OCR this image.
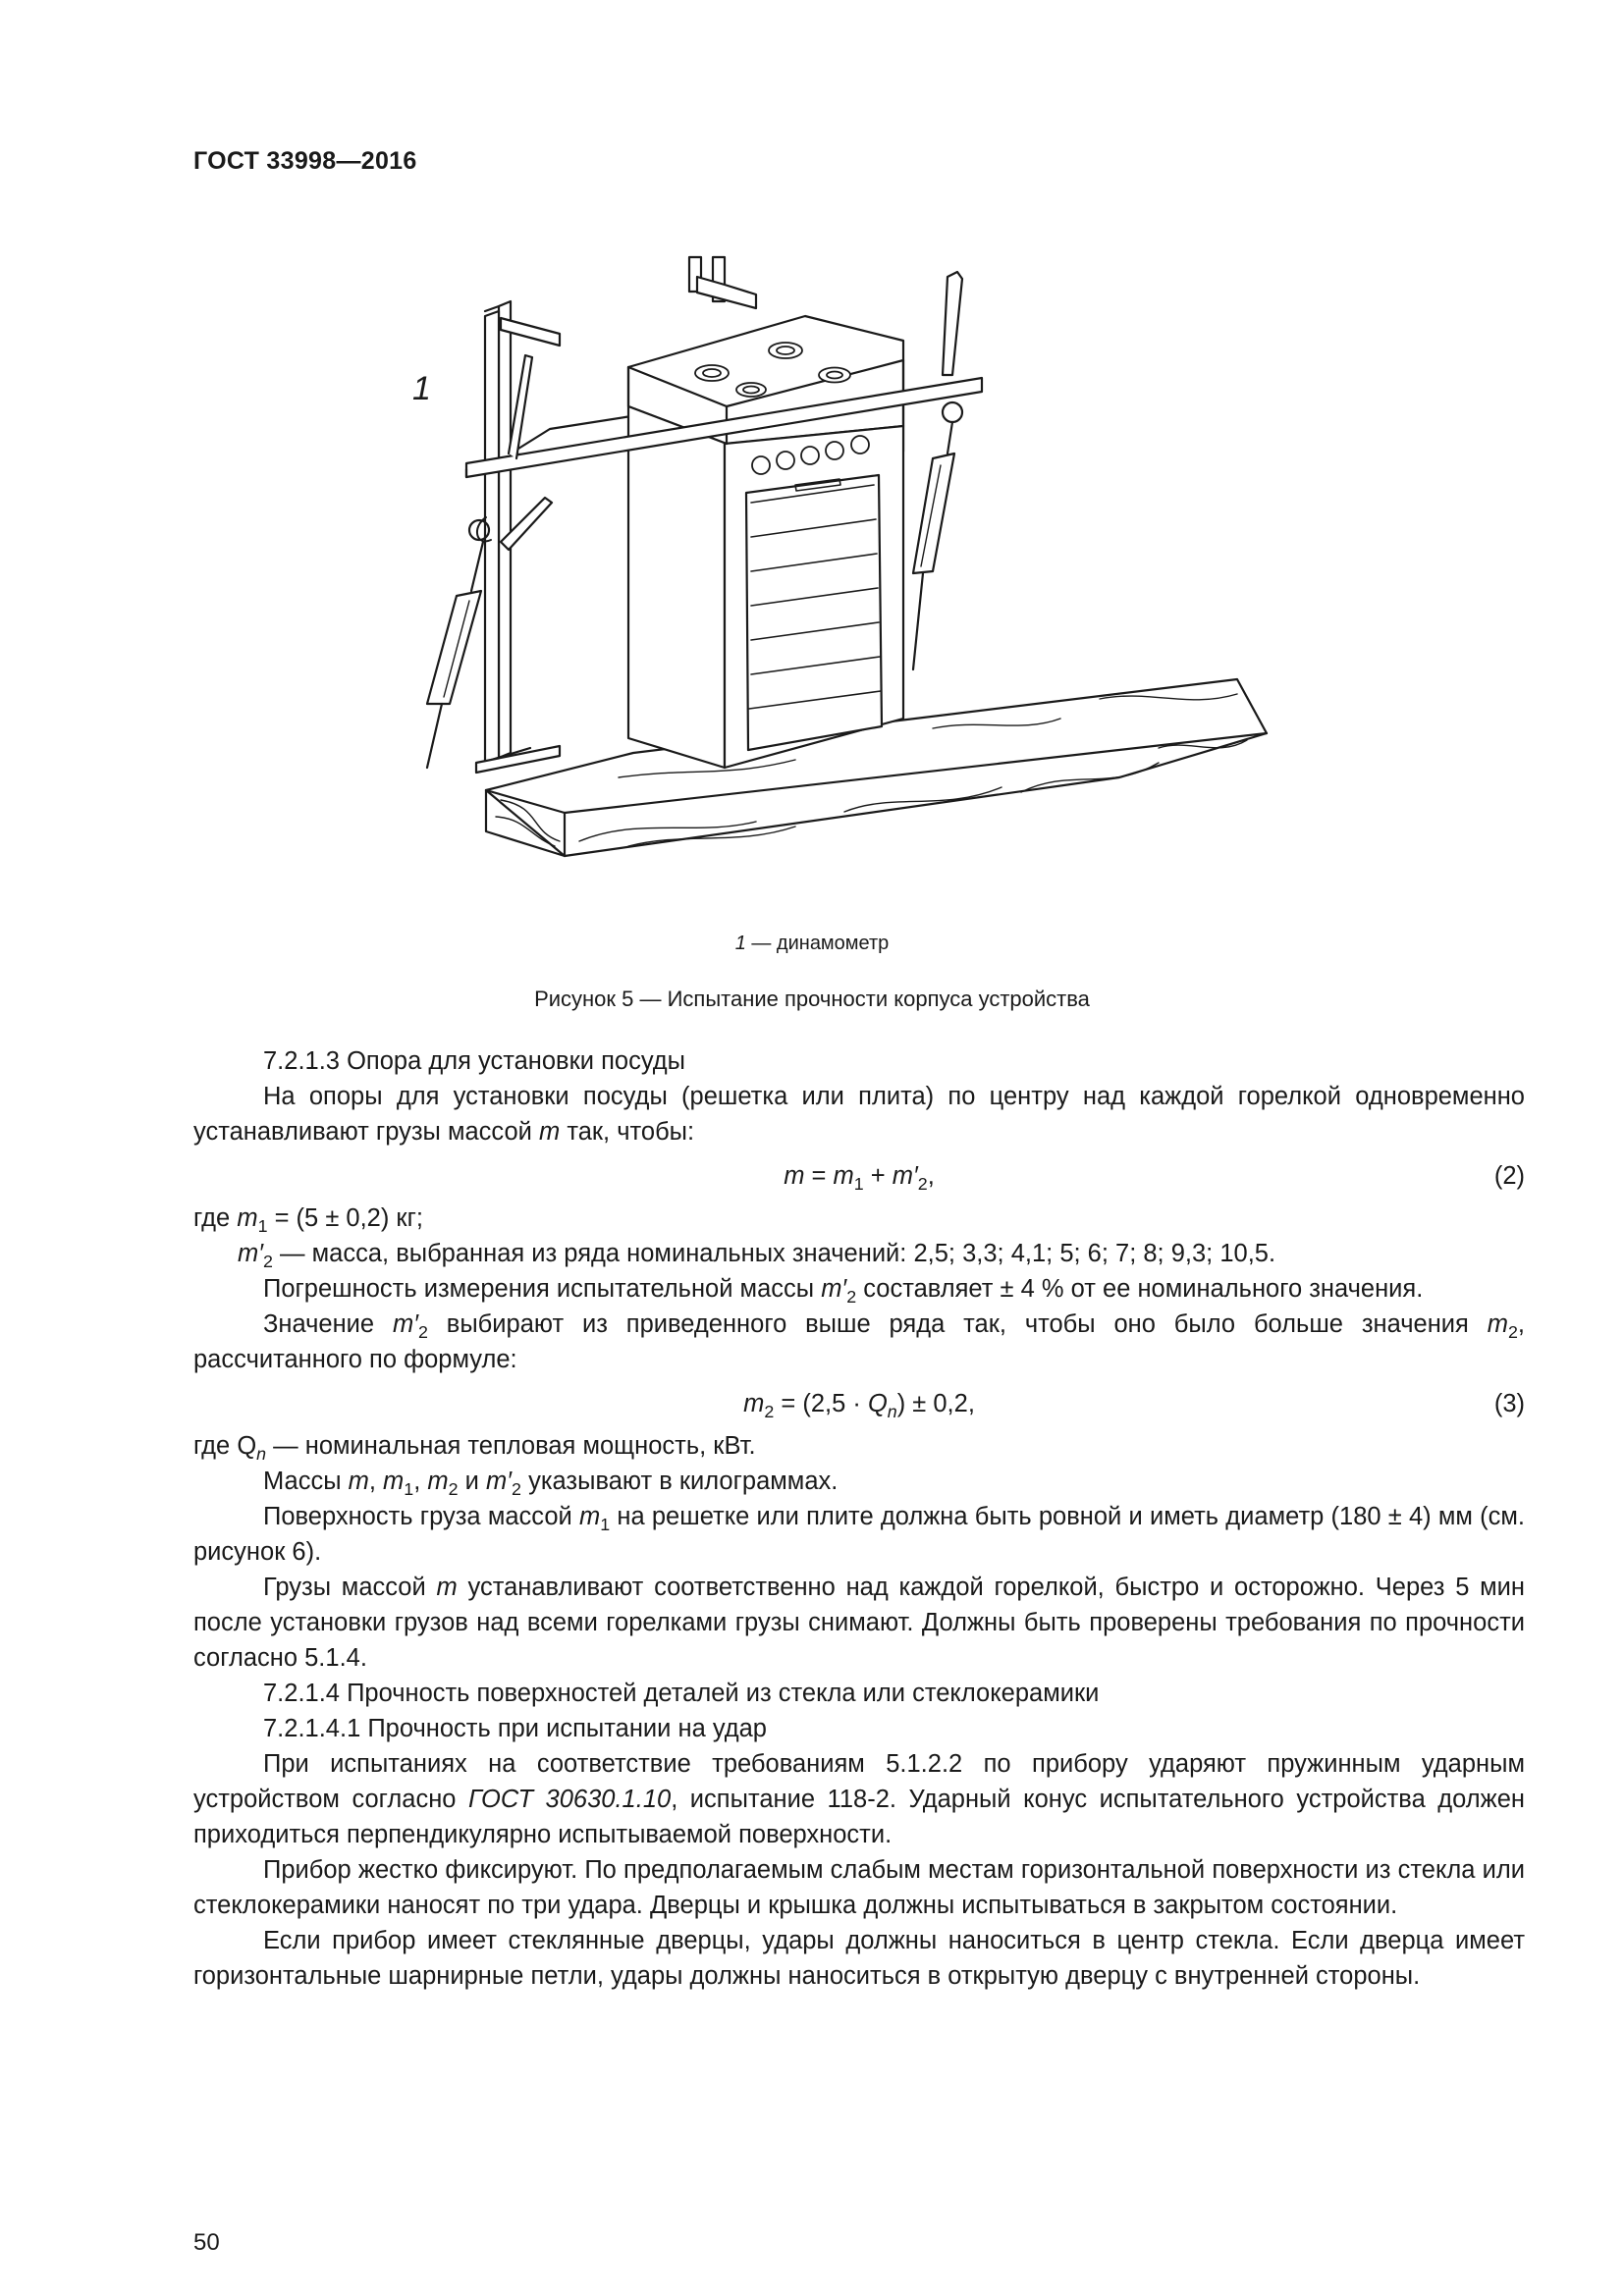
ГОСТ 33998—2016
1
1 — динамометр
Рисунок 5 — Испытание прочности корпуса устройства

7.2.1.3 Опора для установки посуды

На опоры для установки посуды (решетка или плита) по центру над каждой горелкой одновременно устанавливают грузы массой m так, чтобы:

$m = m_1 + m'_2$,	(2)

где $m_1 = (5 \pm 0,2)$ кг;

$m'_2$ — масса, выбранная из ряда номинальных значений: 2,5; 3,3; 4,1; 5; 6; 7; 8; 9,3; 10,5.

Погрешность измерения испытательной массы $m'_2$ составляет ± 4 % от ее номинального значения.

Значение $m'_2$ выбирают из приведенного выше ряда так, чтобы оно было больше значения $m_2$, рассчитанного по формуле:

$m_2 = (2,5 \cdot Q_n) \pm 0,2$,	(3)

где $Q_n$ — номинальная тепловая мощность, кВт.

Массы m, $m_1$, $m_2$ и $m'_2$ указывают в килограммах.

Поверхность груза массой $m_1$ на решетке или плите должна быть ровной и иметь диаметр (180 ± 4) мм (см. рисунок 6).

Грузы массой m устанавливают соответственно над каждой горелкой, быстро и осторожно. Через 5 мин после установки грузов над всеми горелками грузы снимают. Должны быть проверены требования по прочности согласно 5.1.4.

7.2.1.4 Прочность поверхностей деталей из стекла или стеклокерамики

7.2.1.4.1 Прочность при испытании на удар

При испытаниях на соответствие требованиям 5.1.2.2 по прибору ударяют пружинным ударным устройством согласно ГОСТ 30630.1.10, испытание 118-2. Ударный конус испытательного устройства должен приходиться перпендикулярно испытываемой поверхности.

Прибор жестко фиксируют. По предполагаемым слабым местам горизонтальной поверхности из стекла или стеклокерамики наносят по три удара. Дверцы и крышка должны испытываться в закрытом состоянии.

Если прибор имеет стеклянные дверцы, удары должны наноситься в центр стекла. Если дверца имеет горизонтальные шарнирные петли, удары должны наноситься в открытую дверцу с внутренней стороны.

50
